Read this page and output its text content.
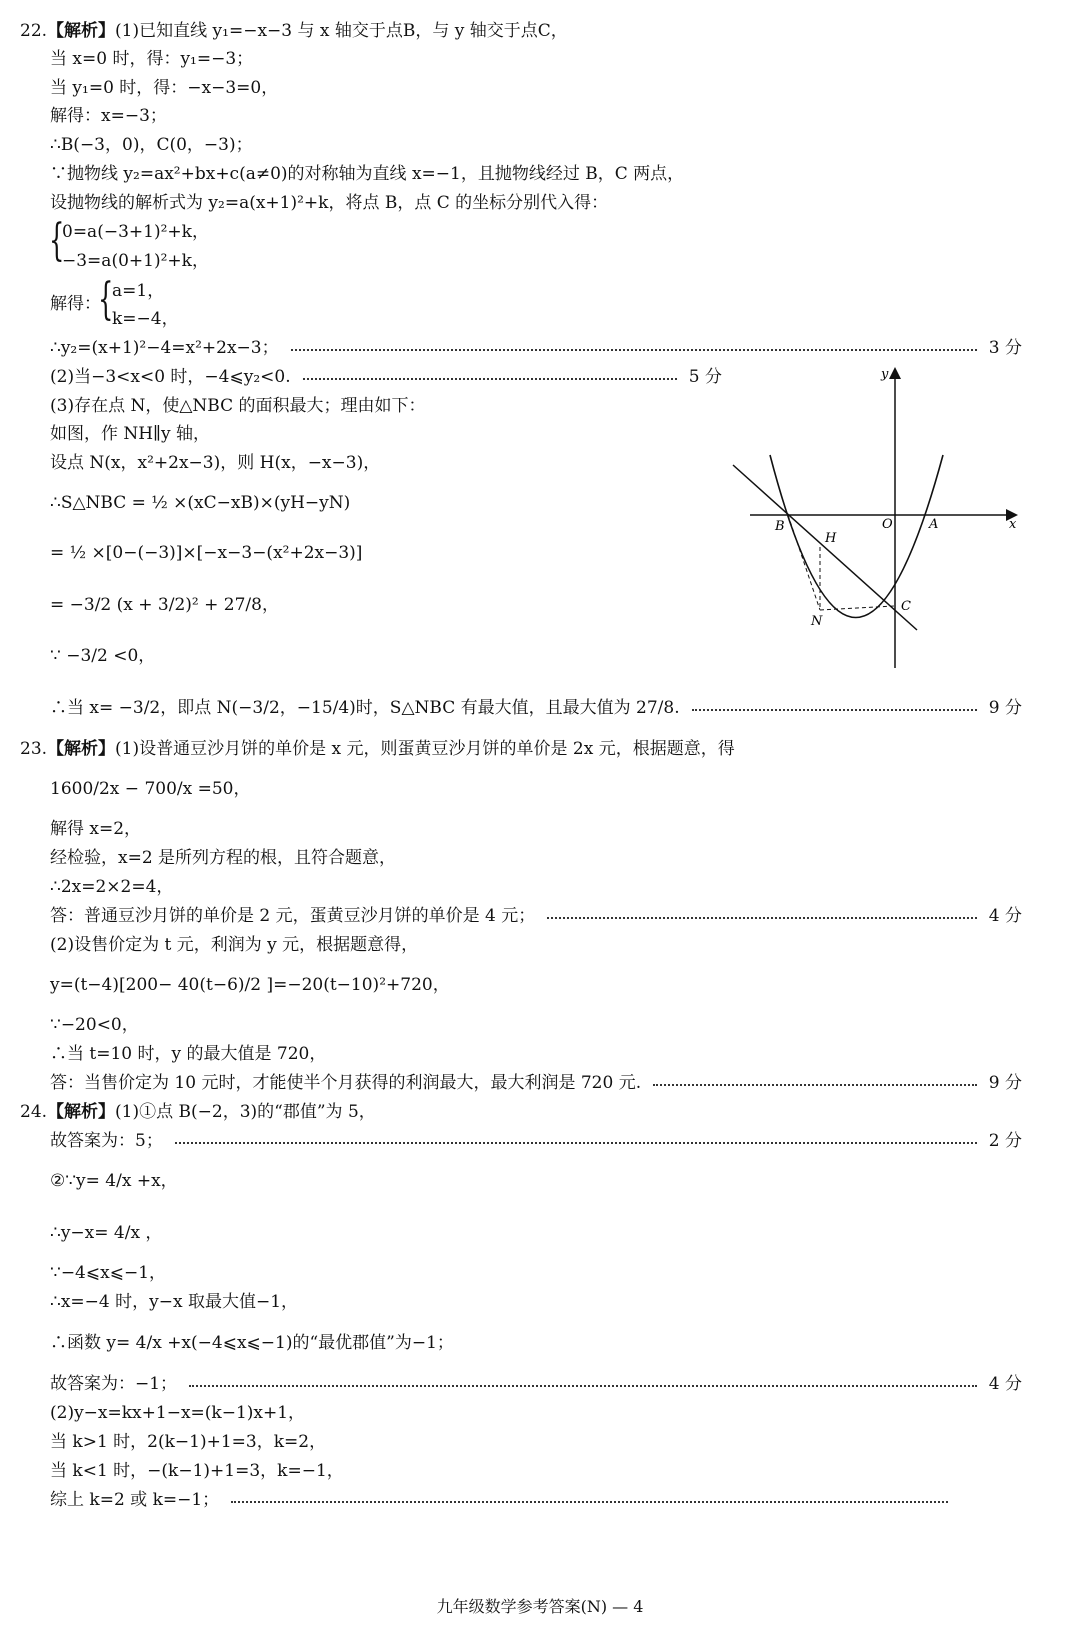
22. 【解析】 (1)已知直线 y₁=−x−3 与 x 轴交于点B，与 y 轴交于点C，
当 x=0 时，得：y₁=−3；
当 y₁=0 时，得：−x−3=0，
解得：x=−3；
∴B(−3，0)，C(0，−3)；
∵抛物线 y₂=ax²+bx+c(a≠0)的对称轴为直线 x=−1，且抛物线经过 B，C 两点，
设抛物线的解析式为 y₂=a(x+1)²+k，将点 B，点 C 的坐标分别代入得：
{
0=a(−3+1)²+k，
−3=a(0+1)²+k，
解得：
{
a=1，
k=−4，
∴y₂=(x+1)²−4=x²+2x−3；	3 分
(2)当−3<x<0 时，−4⩽y₂<0.	5 分
(3)存在点 N，使△NBC 的面积最大；理由如下：
如图，作 NH∥y 轴，
设点 N(x，x²+2x−3)，则 H(x，−x−3)，
∴S△NBC = ½ ×(xC−xB)×(yH−yN)
= ½ ×[0−(−3)]×[−x−3−(x²+2x−3)]
= −3/2 (x + 3/2)² + 27/8，
∵ −3/2 <0，
∴当 x= −3/2，即点 N(−3/2，−15/4)时，S△NBC 有最大值，且最大值为 27/8.	9 分
y
x
O	A
B
C
H
N
23. 【解析】 (1)设普通豆沙月饼的单价是 x 元，则蛋黄豆沙月饼的单价是 2x 元，根据题意，得
1600/2x − 700/x =50，
解得 x=2，
经检验，x=2 是所列方程的根，且符合题意，
∴2x=2×2=4，
答：普通豆沙月饼的单价是 2 元，蛋黄豆沙月饼的单价是 4 元；	4 分
(2)设售价定为 t 元，利润为 y 元，根据题意得，
y=(t−4)[200− 40(t−6)/2 ]=−20(t−10)²+720，
∵−20<0，
∴当 t=10 时，y 的最大值是 720，
答：当售价定为 10 元时，才能使半个月获得的利润最大，最大利润是 720 元.	9 分
24. 【解析】 (1)①点 B(−2，3)的“郡值”为 5，
故答案为：5；	2 分
②∵y= 4/x +x，
∴y−x= 4/x ，
∵−4⩽x⩽−1，
∴x=−4 时，y−x 取最大值−1，
∴函数 y= 4/x +x(−4⩽x⩽−1)的“最优郡值”为−1；
故答案为：−1；	4 分
(2)y−x=kx+1−x=(k−1)x+1，
当 k>1 时，2(k−1)+1=3，k=2，
当 k<1 时，−(k−1)+1=3，k=−1，
综上 k=2 或 k=−1；
九年级数学参考答案(N) — 4
